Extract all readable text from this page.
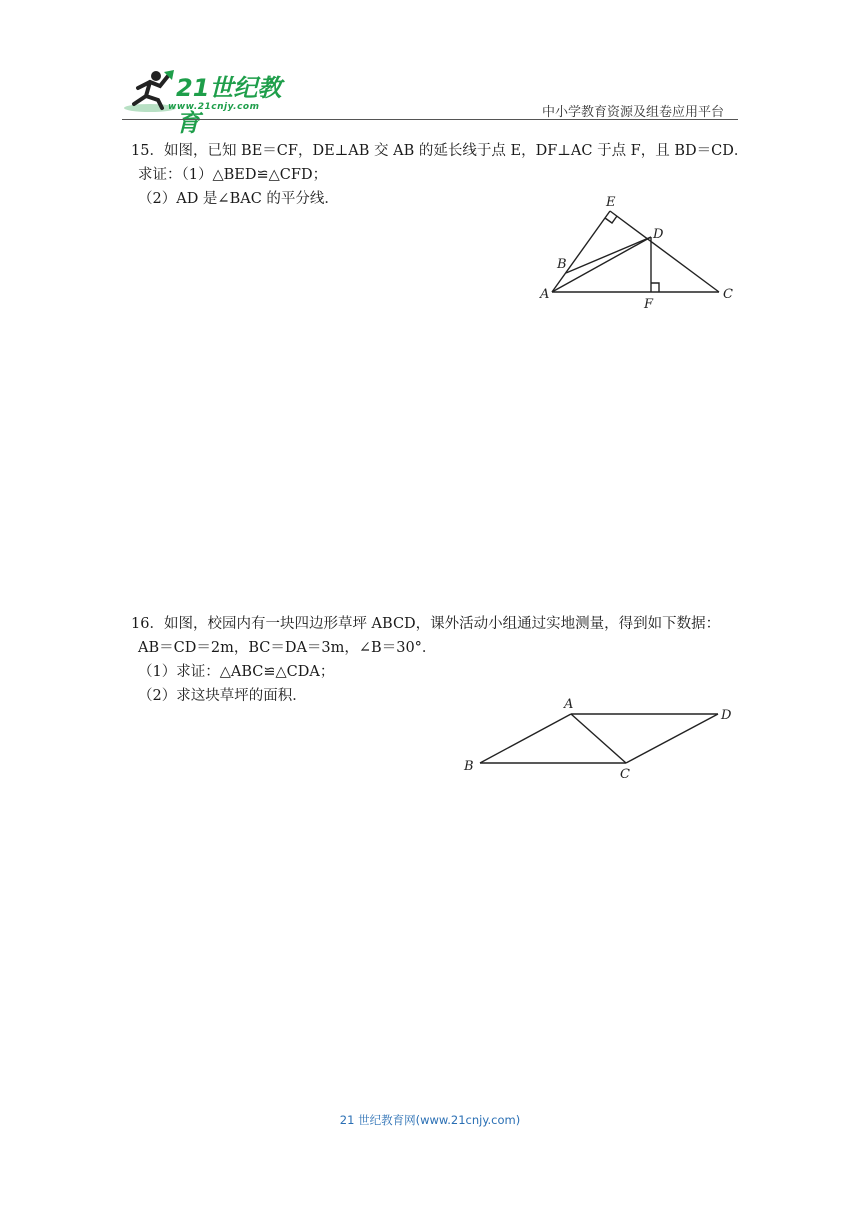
21世纪教育
www.21cnjy.com	中小学教育资源及组卷应用平台

15．如图，已知 BE＝CF，DE⊥AB 交 AB 的延长线于点 E，DF⊥AC 于点 F，且 BD＝CD．

求证：（1）△BED≌△CFD；

（2）AD 是∠BAC 的平分线．	E
D
B
A
F
C

16．如图，校园内有一块四边形草坪 ABCD，课外活动小组通过实地测量，得到如下数据：

AB＝CD＝2m，BC＝DA＝3m，∠B＝30°．

（1）求证：△ABC≌△CDA；

（2）求这块草坪的面积．

A
D
B
C
21 世纪教育网(www.21cnjy.com)
